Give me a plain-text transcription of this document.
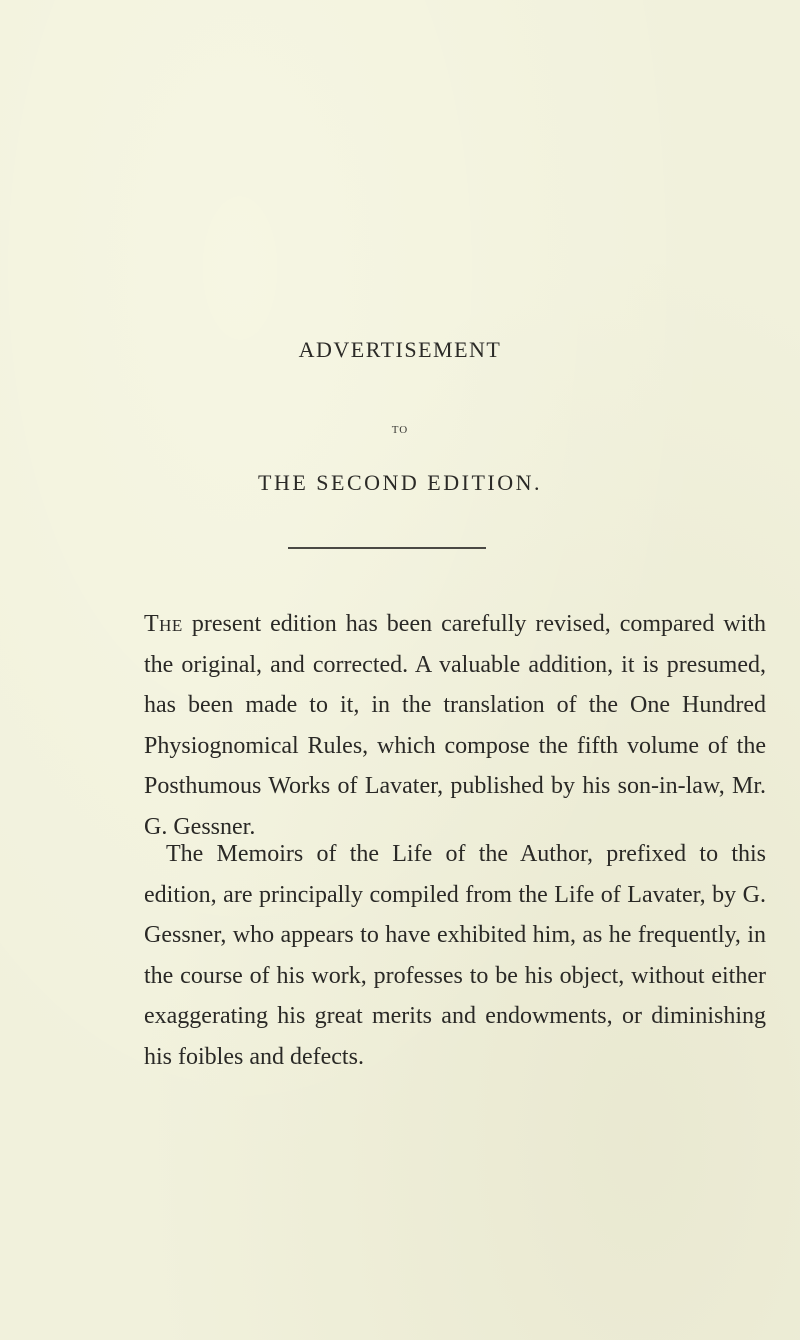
ADVERTISEMENT
TO
THE SECOND EDITION.
The present edition has been carefully revised, compared with the original, and corrected. A valuable addition, it is presumed, has been made to it, in the translation of the One Hundred Physiognomical Rules, which compose the fifth volume of the Posthumous Works of Lavater, published by his son-in-law, Mr. G. Gessner.
The Memoirs of the Life of the Author, prefixed to this edition, are principally compiled from the Life of Lavater, by G. Gessner, who appears to have exhibited him, as he frequently, in the course of his work, professes to be his object, without either exaggerating his great merits and endowments, or diminishing his foibles and defects.
